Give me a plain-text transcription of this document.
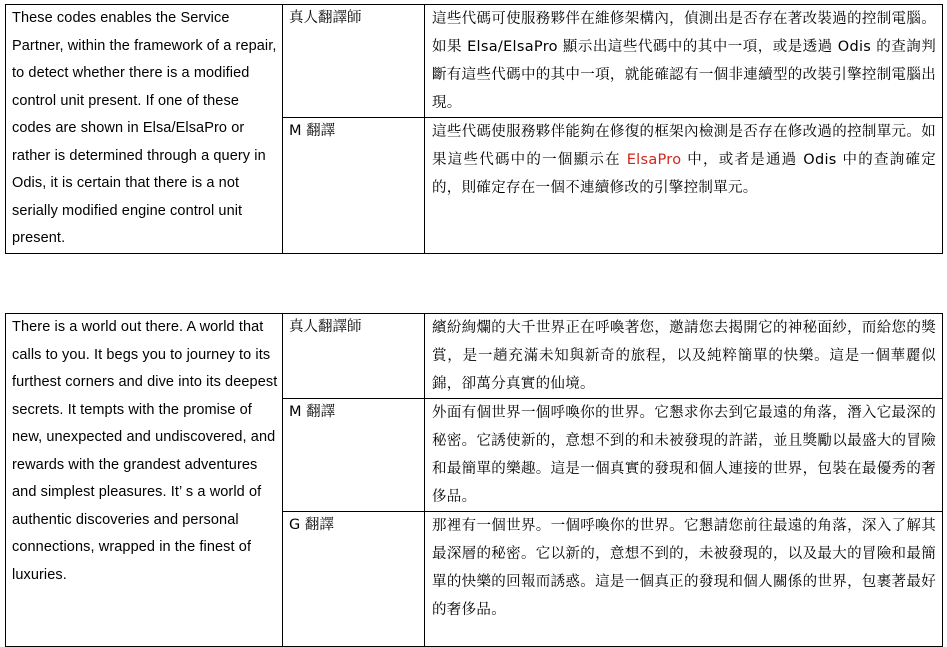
These codes enables the Service Partner, within the framework of a repair, to detect whether there is a modified control unit present. If one of these codes are shown in Elsa/ElsaPro or rather is determined through a query in Odis, it is certain that there is a not serially modified engine control unit present.	真人翻譯師	這些代碼可使服務夥伴在維修架構內，偵測出是否存在著改裝過的控制電腦。如果 Elsa/ElsaPro 顯示出這些代碼中的其中一項，或是透過 Odis 的查詢判斷有這些代碼中的其中一項，就能確認有一個非連續型的改裝引擎控制電腦出現。

	M 翻譯	這些代碼使服務夥伴能夠在修復的框架內檢測是否存在修改過的控制單元。如果這些代碼中的一個顯示在 ElsaPro 中，或者是通過 Odis 中的查詢確定的，則確定存在一個不連續修改的引擎控制單元。
There is a world out there. A world that calls to you. It begs you to journey to its furthest corners and dive into its deepest secrets. It tempts with the promise of new, unexpected and undiscovered, and rewards with the grandest adventures and simplest pleasures. It’ s a world of authentic discoveries and personal connections, wrapped in the finest of luxuries.	真人翻譯師	繽紛絢爛的大千世界正在呼喚著您，邀請您去揭開它的神秘面紗，而給您的獎賞，是一趟充滿未知與新奇的旅程，以及純粹簡單的快樂。這是一個華麗似錦，卻萬分真實的仙境。

	M 翻譯	外面有個世界一個呼喚你的世界。它懇求你去到它最遠的角落，潛入它最深的秘密。它誘使新的，意想不到的和未被發現的許諾，並且獎勵以最盛大的冒險和最簡單的樂趣。這是一個真實的發現和個人連接的世界，包裝在最優秀的奢侈品。

	G 翻譯	那裡有一個世界。一個呼喚你的世界。它懇請您前往最遠的角落，深入了解其最深層的秘密。它以新的，意想不到的，未被發現的，以及最大的冒險和最簡單的快樂的回報而誘惑。這是一個真正的發現和個人關係的世界，包裹著最好的奢侈品。
